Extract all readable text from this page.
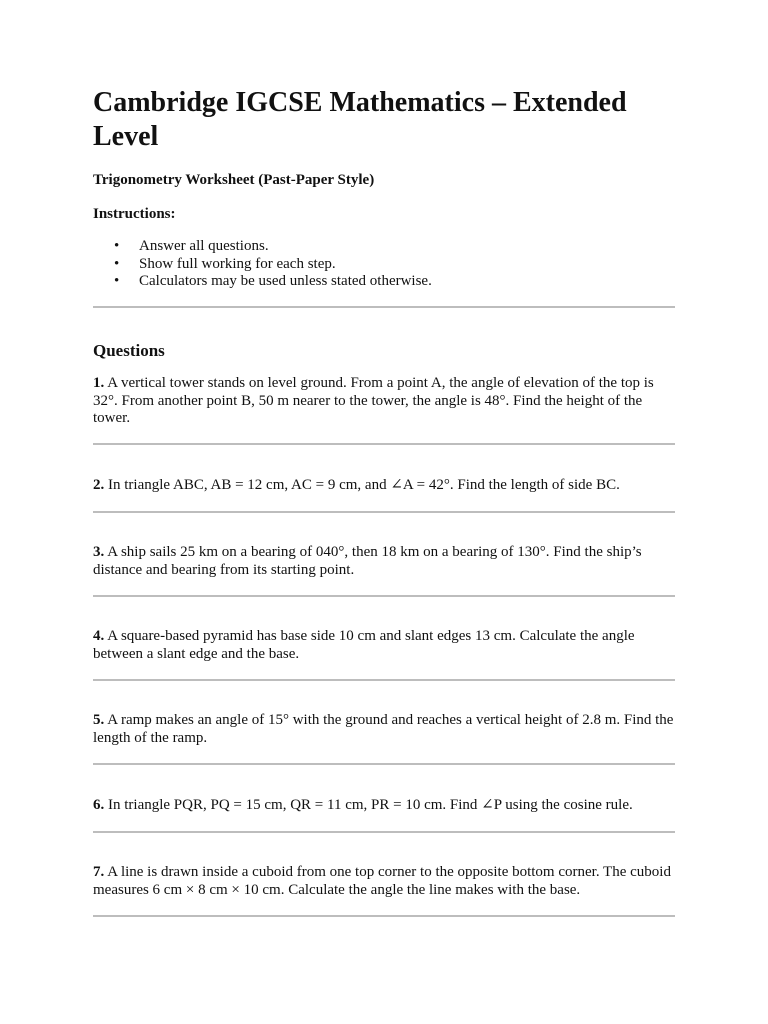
Cambridge IGCSE Mathematics – Extended Level

Trigonometry Worksheet (Past-Paper Style)

Instructions:

• Answer all questions.
• Show full working for each step.
• Calculators may be used unless stated otherwise.
Questions

1. A vertical tower stands on level ground. From a point A, the angle of elevation of the top is 32°. From another point B, 50 m nearer to the tower, the angle is 48°. Find the height of the tower.

2. In triangle ABC, AB = 12 cm, AC = 9 cm, and ∠A = 42°. Find the length of side BC.

3. A ship sails 25 km on a bearing of 040°, then 18 km on a bearing of 130°. Find the ship’s distance and bearing from its starting point.

4. A square-based pyramid has base side 10 cm and slant edges 13 cm. Calculate the angle between a slant edge and the base.

5. A ramp makes an angle of 15° with the ground and reaches a vertical height of 2.8 m. Find the length of the ramp.

6. In triangle PQR, PQ = 15 cm, QR = 11 cm, PR = 10 cm. Find ∠P using the cosine rule.

7. A line is drawn inside a cuboid from one top corner to the opposite bottom corner. The cuboid measures 6 cm × 8 cm × 10 cm. Calculate the angle the line makes with the base.
